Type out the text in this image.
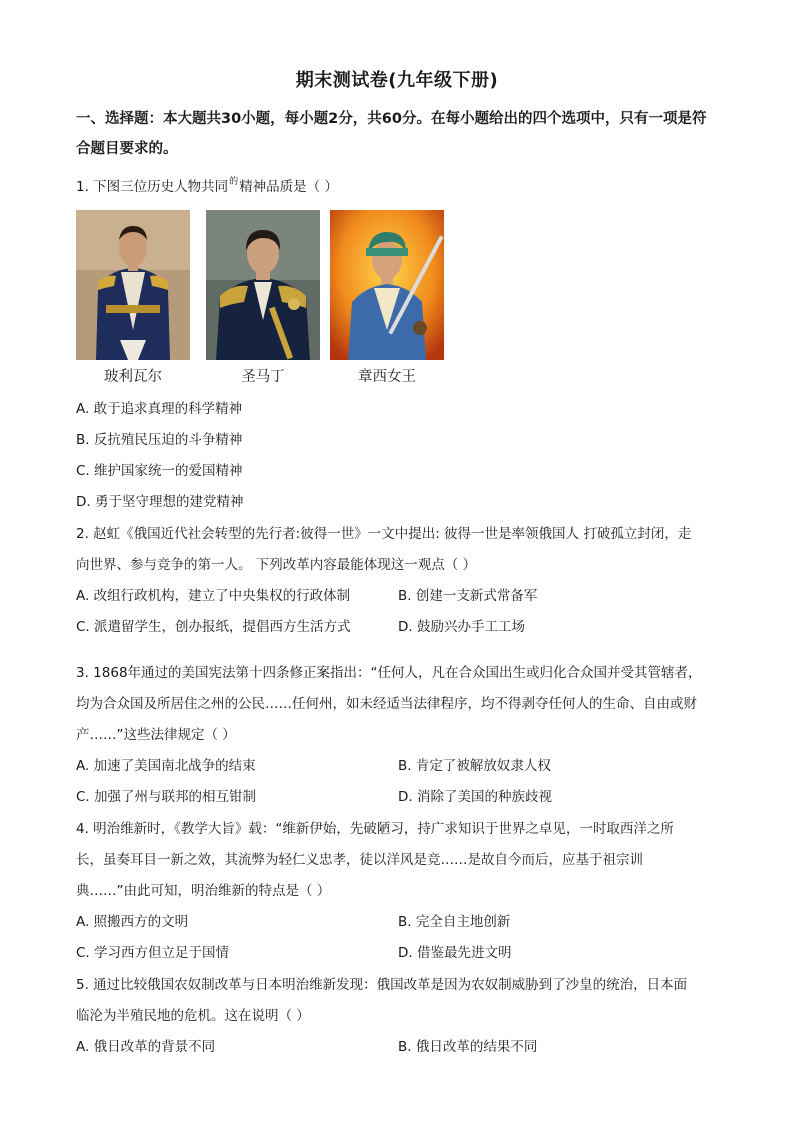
期末测试卷(九年级下册)
一、选择题：本大题共30小题，每小题2分，共60分。在每小题给出的四个选项中，只有一项是符合题目要求的。
1. 下图三位历史人物共同$^的$精神品质是（ ）
玻利瓦尔	圣马丁	章西女王
A. 敢于追求真理的科学精神
B. 反抗殖民压迫的斗争精神
C. 维护国家统一的爱国精神
D. 勇于坚守理想的建党精神
2. 赵虹《俄国近代社会转型的先行者:彼得一世》一文中提出: 彼得一世是率领俄国人 打破孤立封闭，走
向世界、参与竞争的第一人。 下列改革内容最能体现这一观点（ ）
A. 改组行政机构，建立了中央集权的行政体制	B. 创建一支新式常备军
C. 派遣留学生，创办报纸，提倡西方生活方式	D. 鼓励兴办手工工场
3. 1868年通过的美国宪法第十四条修正案指出：“任何人，凡在合众国出生或归化合众国并受其管辖者，
均为合众国及所居住之州的公民……任何州，如未经适当法律程序，均不得剥夺任何人的生命、自由或财
产……”这些法律规定（ ）
A. 加速了美国南北战争的结束	B. 肯定了被解放奴隶人权
C. 加强了州与联邦的相互钳制	D. 消除了美国的种族歧视
4. 明治维新时，《教学大旨》载：“维新伊始，先破陋习，持广求知识于世界之卓见，一时取西洋之所
长，虽奏耳目一新之效，其流弊为轻仁义忠孝，徒以洋风是竞……是故自今而后，应基于祖宗训
典……”由此可知，明治维新的特点是（ ）
A. 照搬西方的文明	B. 完全自主地创新
C. 学习西方但立足于国情	D. 借鉴最先进文明
5. 通过比较俄国农奴制改革与日本明治维新发现：俄国改革是因为农奴制威胁到了沙皇的统治，日本面
临沦为半殖民地的危机。这在说明（ ）
A. 俄日改革的背景不同	B. 俄日改革的结果不同
